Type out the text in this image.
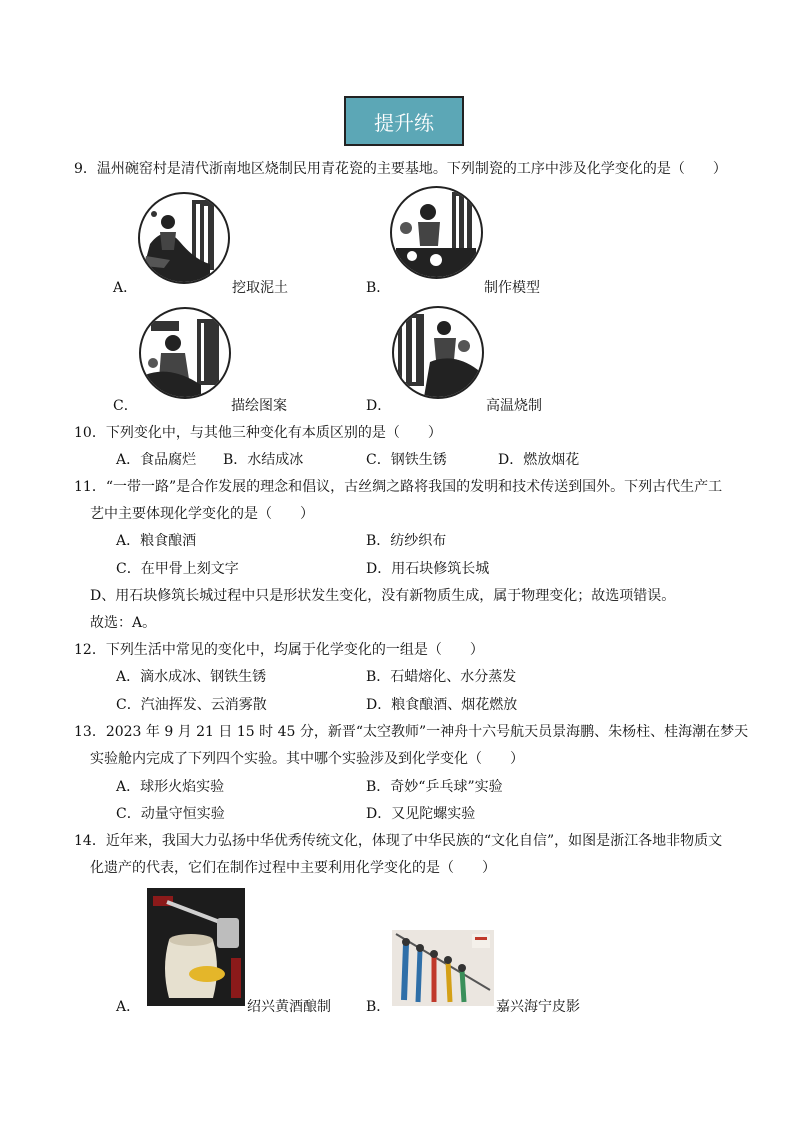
提升练
9．温州碗窑村是清代浙南地区烧制民用青花瓷的主要基地。下列制瓷的工序中涉及化学变化的是（　　）
A．	挖取泥土	B．	制作模型
C．	描绘图案	D．	高温烧制
10．下列变化中，与其他三种变化有本质区别的是（　　）
A．食品腐烂 B．水结成冰	C．钢铁生锈	D．燃放烟花
11．“一带一路”是合作发展的理念和倡议，古丝绸之路将我国的发明和技术传送到国外。下列古代生产工
艺中主要体现化学变化的是（　　）
A．粮食酿酒	B．纺纱织布
C．在甲骨上刻文字	D．用石块修筑长城
D、用石块修筑长城过程中只是形状发生变化，没有新物质生成，属于物理变化；故选项错误。
故选：A。
12．下列生活中常见的变化中，均属于化学变化的一组是（　　）
A．滴水成冰、钢铁生锈	B．石蜡熔化、水分蒸发
C．汽油挥发、云消雾散	D．粮食酿酒、烟花燃放
13．2023 年 9 月 21 日 15 时 45 分，新晋“太空教师”一神舟十六号航天员景海鹏、朱杨柱、桂海潮在梦天
实验舱内完成了下列四个实验。其中哪个实验涉及到化学变化（　　）
A．球形火焰实验	B．奇妙“乒乓球”实验
C．动量守恒实验	D．又见陀螺实验
14．近年来，我国大力弘扬中华优秀传统文化，体现了中华民族的“文化自信”，如图是浙江各地非物质文
化遗产的代表，它们在制作过程中主要利用化学变化的是（　　）
A．	绍兴黄酒酿制	B．	嘉兴海宁皮影
